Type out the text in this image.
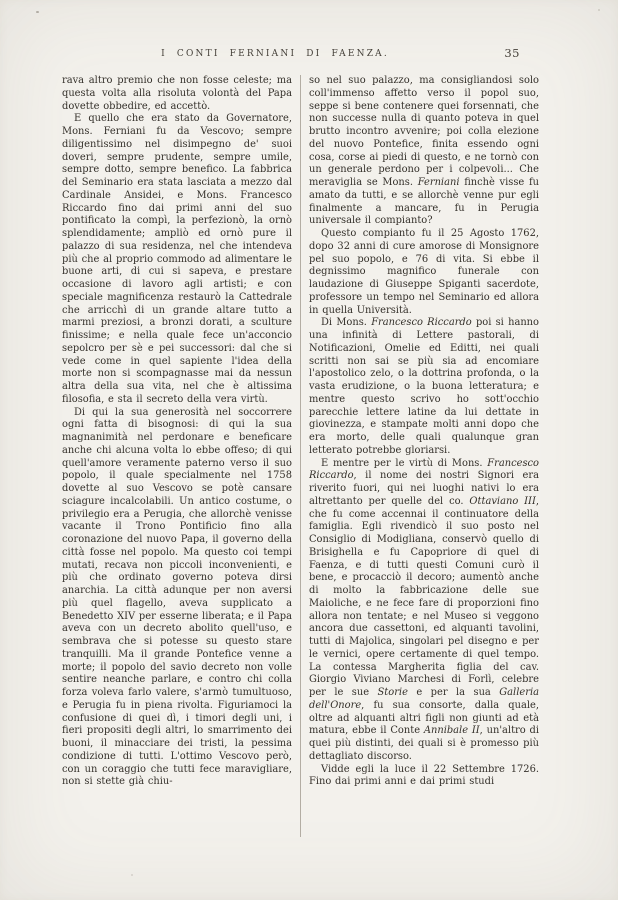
I CONTI FERNIANI DI FAENZA.	35

rava altro premio che non fosse celeste; ma questa volta alla risoluta volontà del Papa dovette obbedire, ed accettò.

E quello che era stato da Governatore, Mons. Ferniani fu da Vescovo; sempre diligentissimo nel disimpegno de' suoi doveri, sempre prudente, sempre umile, sempre dotto, sempre benefico. La fabbrica del Seminario era stata lasciata a mezzo dal Cardinale Ansidei, e Mons. Francesco Riccardo fino dai primi anni del suo pontificato la compì, la perfezionò, la ornò splendidamente; ampliò ed ornò pure il palazzo di sua residenza, nel che intendeva più che al proprio commodo ad alimentare le buone arti, di cui si sapeva, e prestare occasione di lavoro agli artisti; e con speciale magnificenza restaurò la Cattedrale che arricchì di un grande altare tutto a marmi preziosi, a bronzi dorati, a sculture finissime; e nella quale fece un'acconcio sepolcro per sè e pei successori: dal che si vede come in quel sapiente l'idea della morte non si scompagnasse mai da nessun altra della sua vita, nel che è altissima filosofia, e sta il secreto della vera virtù.

Di qui la sua generosità nel soccorrere ogni fatta di bisognosi: di qui la sua magnanimità nel perdonare e beneficare anche chi alcuna volta lo ebbe offeso; di qui quell'amore veramente paterno verso il suo popolo, il quale specialmente nel 1758 dovette al suo Vescovo se potè cansare sciagure incalcolabili. Un antico costume, o privilegio era a Perugia, che allorchè venisse vacante il Trono Pontificio fino alla coronazione del nuovo Papa, il governo della città fosse nel popolo. Ma questo coi tempi mutati, recava non piccoli inconvenienti, e più che ordinato governo poteva dirsi anarchia. La città adunque per non aversi più quel flagello, aveva supplicato a Benedetto XIV per esserne liberata; e il Papa aveva con un decreto abolito quell'uso, e sembrava che si potesse su questo stare tranquilli. Ma il grande Pontefice venne a morte; il popolo del savio decreto non volle sentire neanche parlare, e contro chi colla forza voleva farlo valere, s'armò tumultuoso, e Perugia fu in piena rivolta. Figuriamoci la confusione di quei dì, i timori degli uni, i fieri propositi degli altri, lo smarrimento dei buoni, il minacciare dei tristi, la pessima condizione di tutti. L'ottimo Vescovo però, con un coraggio che tutti fece maravigliare, non si stette già chiu-

so nel suo palazzo, ma consigliandosi solo coll'immenso affetto verso il popol suo, seppe si bene contenere quei forsennati, che non successe nulla di quanto poteva in quel brutto incontro avvenire; poi colla elezione del nuovo Pontefice, finita essendo ogni cosa, corse ai piedi di questo, e ne tornò con un generale perdono per i colpevoli... Che meraviglia se Mons. Ferniani finchè visse fu amato da tutti, e se allorchè venne pur egli finalmente a mancare, fu in Perugia universale il compianto?

Questo compianto fu il 25 Agosto 1762, dopo 32 anni di cure amorose di Monsignore pel suo popolo, e 76 di vita. Si ebbe il degnissimo magnifico funerale con laudazione di Giuseppe Spiganti sacerdote, professore un tempo nel Seminario ed allora in quella Università.

Di Mons. Francesco Riccardo poi si hanno una infinità di Lettere pastorali, di Notificazioni, Omelie ed Editti, nei quali scritti non sai se più sia ad encomiare l'apostolico zelo, o la dottrina profonda, o la vasta erudizione, o la buona letteratura; e mentre questo scrivo ho sott'occhio parecchie lettere latine da lui dettate in giovinezza, e stampate molti anni dopo che era morto, delle quali qualunque gran letterato potrebbe gloriarsi.

E mentre per le virtù di Mons. Francesco Riccardo, il nome dei nostri Signori era riverito fuori, qui nei luoghi nativi lo era altrettanto per quelle del co. Ottaviano III, che fu come accennai il continuatore della famiglia. Egli rivendicò il suo posto nel Consiglio di Modigliana, conservò quello di Brisighella e fu Capopriore di quel di Faenza, e di tutti questi Comuni curò il bene, e procacciò il decoro; aumentò anche di molto la fabbricazione delle sue Maioliche, e ne fece fare di proporzioni fino allora non tentate; e nel Museo si veggono ancora due cassettoni, ed alquanti tavolini, tutti di Majolica, singolari pel disegno e per le vernici, opere certamente di quel tempo. La contessa Margherita figlia del cav. Giorgio Viviano Marchesi di Forlì, celebre per le sue Storie e per la sua Galleria dell'Onore, fu sua consorte, dalla quale, oltre ad alquanti altri figli non giunti ad età matura, ebbe il Conte Annibale II, un'altro di quei più distinti, dei quali si è promesso più dettagliato discorso.

Vidde egli la luce il 22 Settembre 1726. Fino dai primi anni e dai primi studi
